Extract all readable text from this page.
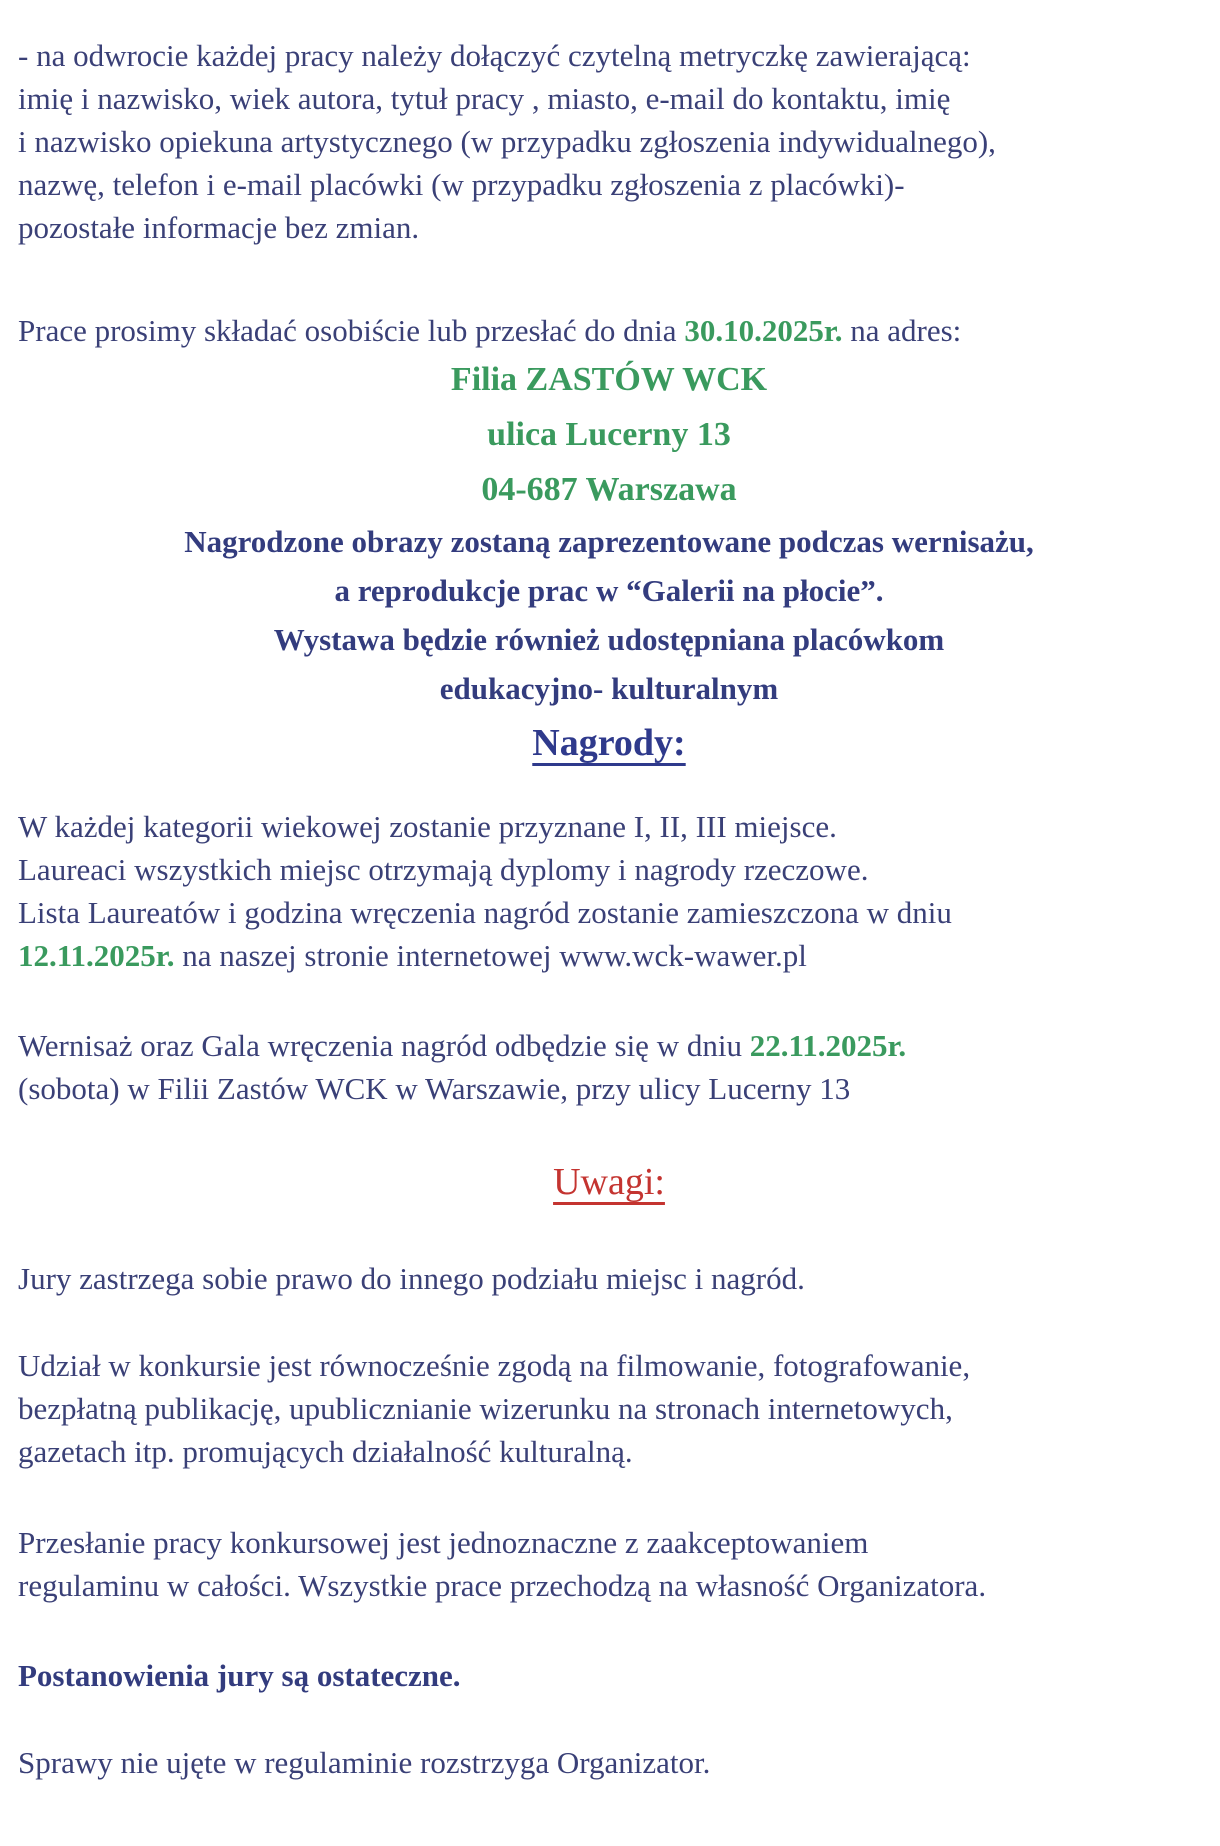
- na odwrocie każdej pracy należy dołączyć czytelną metryczkę zawierającą:
imię i nazwisko, wiek autora, tytuł pracy , miasto, e-mail do kontaktu, imię
i nazwisko opiekuna artystycznego (w przypadku zgłoszenia indywidualnego),
nazwę, telefon i e-mail placówki (w przypadku zgłoszenia z placówki)-
pozostałe informacje bez zmian.
Prace prosimy składać osobiście lub przesłać do dnia 30.10.2025r. na adres:
Filia ZASTÓW WCK
ulica Lucerny 13
04-687 Warszawa
Nagrodzone obrazy zostaną zaprezentowane podczas wernisażu,
a reprodukcje prac w “Galerii na płocie”.
Wystawa będzie również udostępniana placówkom
edukacyjno- kulturalnym
Nagrody:
W każdej kategorii wiekowej zostanie przyznane I, II, III miejsce.
Laureaci wszystkich miejsc otrzymają dyplomy i nagrody rzeczowe.
Lista Laureatów i godzina wręczenia nagród zostanie zamieszczona w dniu
12.11.2025r. na naszej stronie internetowej www.wck-wawer.pl
Wernisaż oraz Gala wręczenia nagród odbędzie się w dniu 22.11.2025r.
(sobota) w Filii Zastów WCK w Warszawie, przy ulicy Lucerny 13
Uwagi:
Jury zastrzega sobie prawo do innego podziału miejsc i nagród.
Udział w konkursie jest równocześnie zgodą na filmowanie, fotografowanie,
bezpłatną publikację, upublicznianie wizerunku na stronach internetowych,
gazetach itp. promujących działalność kulturalną.
Przesłanie pracy konkursowej jest jednoznaczne z zaakceptowaniem
regulaminu w całości. Wszystkie prace przechodzą na własność Organizatora.
Postanowienia jury są ostateczne.
Sprawy nie ujęte w regulaminie rozstrzyga Organizator.
